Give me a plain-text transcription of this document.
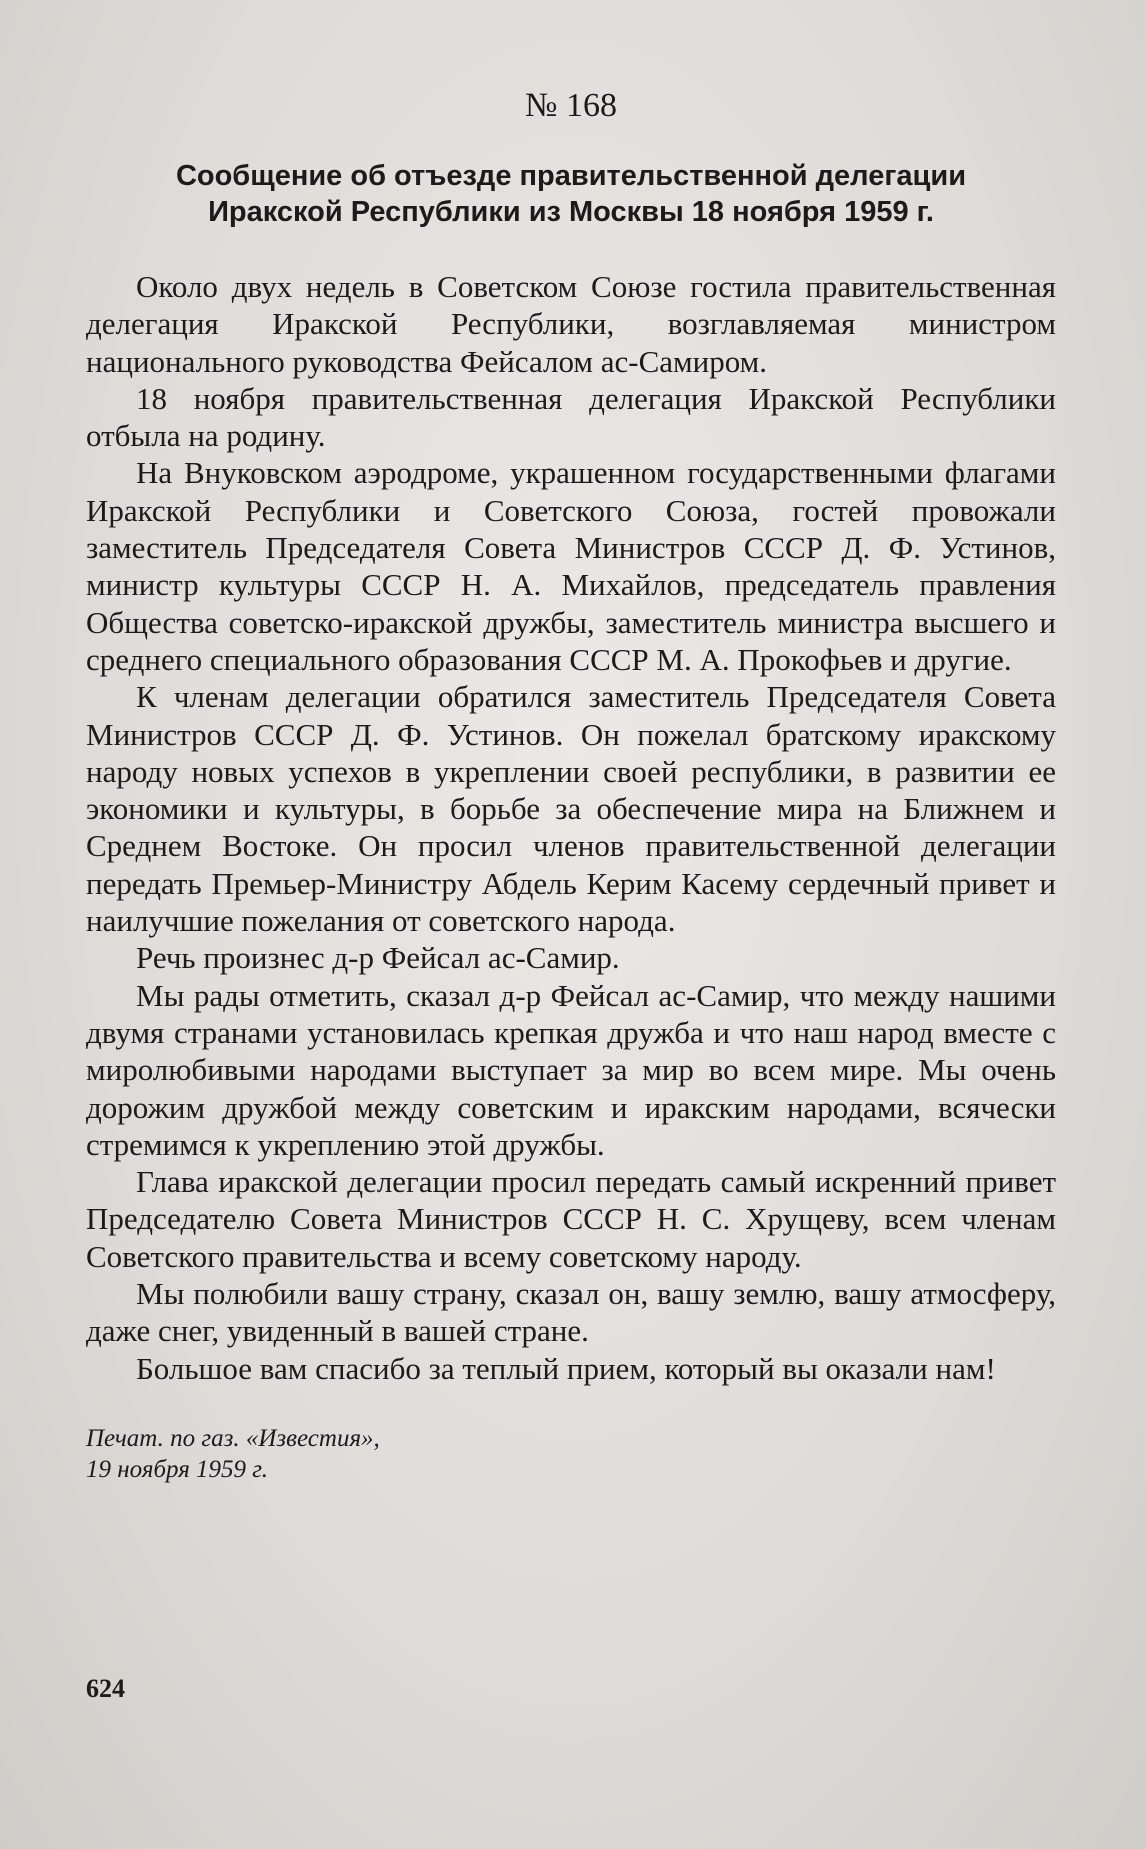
№ 168
Сообщение об отъезде правительственной делегации
Иракской Республики из Москвы 18 ноября 1959 г.

Около двух недель в Советском Союзе гостила правительственная делегация Иракской Республики, возглавляемая министром национального руководства Фейсалом ас-Самиром.

18 ноября правительственная делегация Иракской Республики отбыла на родину.

На Внуковском аэродроме, украшенном государственными флагами Иракской Республики и Советского Союза, гостей провожали заместитель Председателя Совета Министров СССР Д. Ф. Устинов, министр культуры СССР Н. А. Михайлов, председатель правления Общества советско-иракской дружбы, заместитель министра высшего и среднего специального образования СССР М. А. Прокофьев и другие.

К членам делегации обратился заместитель Председателя Совета Министров СССР Д. Ф. Устинов. Он пожелал братскому иракскому народу новых успехов в укреплении своей республики, в развитии ее экономики и культуры, в борьбе за обеспечение мира на Ближнем и Среднем Востоке. Он просил членов правительственной делегации передать Премьер-Министру Абдель Керим Касему сердечный привет и наилучшие пожелания от советского народа.

Речь произнес д-р Фейсал ас-Самир.

Мы рады отметить, сказал д-р Фейсал ас-Самир, что между нашими двумя странами установилась крепкая дружба и что наш народ вместе с миролюбивыми народами выступает за мир во всем мире. Мы очень дорожим дружбой между советским и иракским народами, всячески стремимся к укреплению этой дружбы.

Глава иракской делегации просил передать самый искренний привет Председателю Совета Министров СССР Н. С. Хрущеву, всем членам Советского правительства и всему советскому народу.

Мы полюбили вашу страну, сказал он, вашу землю, вашу атмосферу, даже снег, увиденный в вашей стране.

Большое вам спасибо за теплый прием, который вы оказали нам!

Печат. по газ. «Известия»,
19 ноября 1959 г.
624
